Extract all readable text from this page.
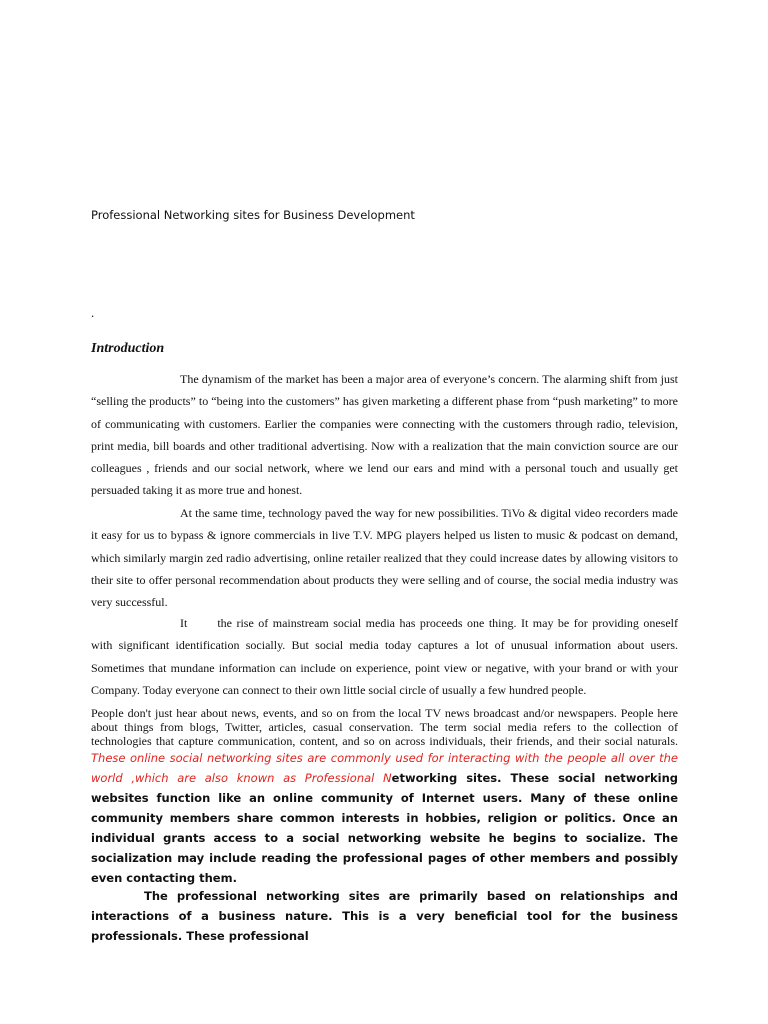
Professional Networking sites for Business Development
.
Introduction
The dynamism of the market has been a major area of everyone’s concern. The alarming shift from just “selling the products” to “being into the customers” has given marketing a different phase from “push marketing” to more of communicating with customers. Earlier the companies were connecting with the customers through radio, television, print media, bill boards and other traditional advertising. Now with a realization that the main conviction source are our colleagues , friends and our social network, where we lend our ears and mind with a personal touch and usually get persuaded taking it as more true and honest.
At the same time, technology paved the way for new possibilities. TiVo & digital video recorders made it easy for us to bypass & ignore commercials in live T.V. MPG players helped us listen to music & podcast on demand, which similarly margin zed radio advertising, online retailer realized that they could increase dates by allowing visitors to their site to offer personal recommendation about products they were selling and of course, the social media industry was very successful.
It	the rise of mainstream social media has proceeds one thing. It may be for providing oneself with significant identification socially. But social media today captures a lot of unusual information about users. Sometimes that mundane information can include on experience, point view or negative, with your brand or with your Company. Today everyone can connect to their own little social circle of usually a few hundred people.
People don't just hear about news, events, and so on from the local TV news broadcast and/or newspapers. People here about things from blogs, Twitter, articles, casual conservation. The term social media refers to the collection of technologies that capture communication, content, and so on across individuals, their friends, and their social naturals. These online social networking sites are commonly used for interacting with the people all over the world ,which are also known as Professional Networking sites. These social networking websites function like an online community of Internet users. Many of these online community members share common interests in hobbies, religion or politics. Once an individual grants access to a social networking website he begins to socialize. The socialization may include reading the professional pages of other members and possibly even contacting them.
The professional networking sites are primarily based on relationships and interactions of a business nature. This is a very beneficial tool for the business professionals. These professional
